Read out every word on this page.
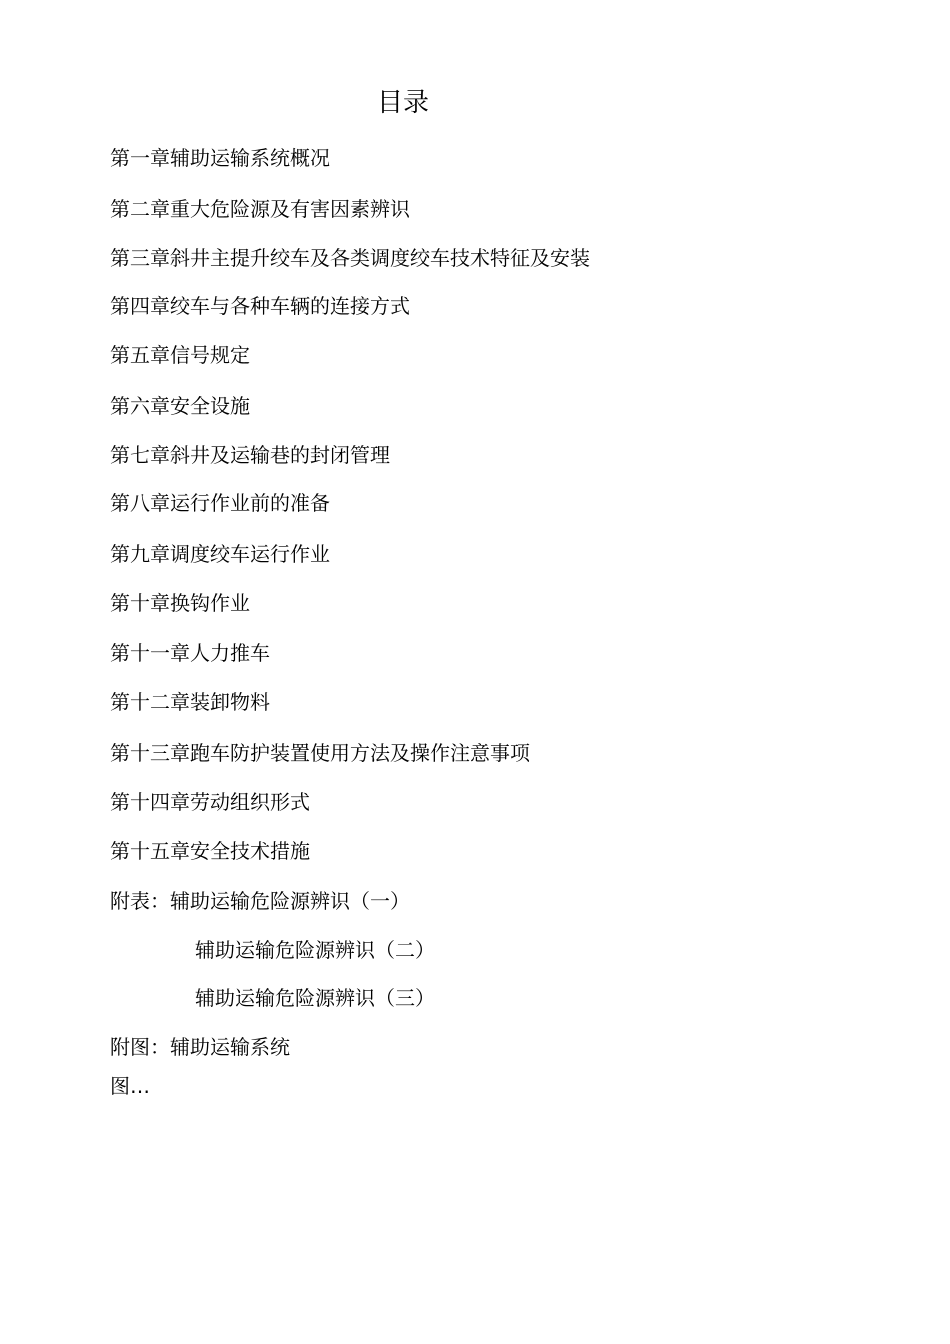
目录
第一章辅助运输系统概况
第二章重大危险源及有害因素辨识
第三章斜井主提升绞车及各类调度绞车技术特征及安装
第四章绞车与各种车辆的连接方式
第五章信号规定
第六章安全设施
第七章斜井及运输巷的封闭管理
第八章运行作业前的准备
第九章调度绞车运行作业
第十章换钩作业
第十一章人力推车
第十二章装卸物料
第十三章跑车防护装置使用方法及操作注意事项
第十四章劳动组织形式
第十五章安全技术措施
附表：辅助运输危险源辨识（一）
辅助运输危险源辨识（二）
辅助运输危险源辨识（三）
附图：辅助运输系统
图…
